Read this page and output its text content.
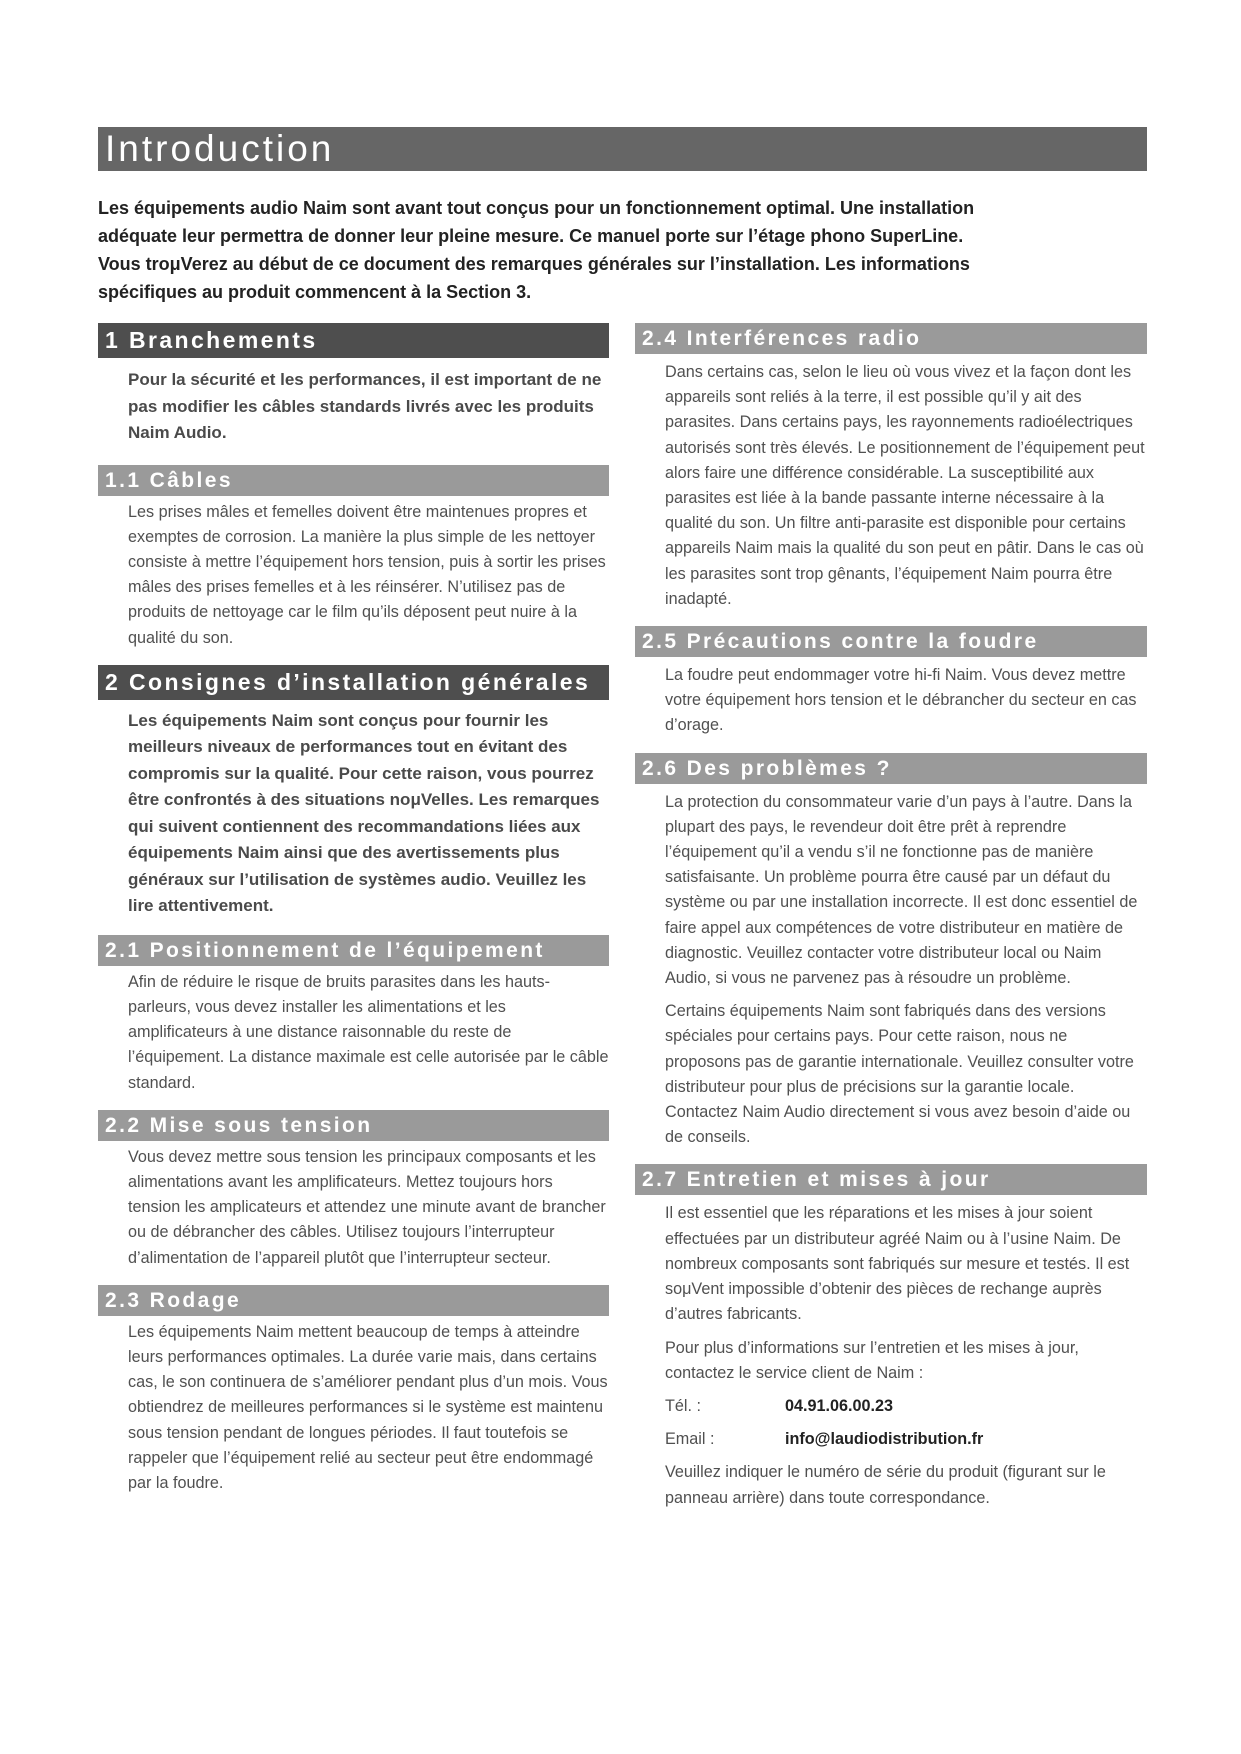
Introduction

Les équipements audio Naim sont avant tout conçus pour un fonctionnement optimal. Une installation adéquate leur permettra de donner leur pleine mesure. Ce manuel porte sur l’étage phono SuperLine. Vous troμVerez au début de ce document des remarques générales sur l’installation. Les informations spécifiques au produit commencent à la Section 3.

1 Branchements

Pour la sécurité et les performances, il est important de ne pas modifier les câbles standards livrés avec les produits Naim Audio.

1.1 Câbles

Les prises mâles et femelles doivent être maintenues propres et exemptes de corrosion. La manière la plus simple de les nettoyer consiste à mettre l’équipement hors tension, puis à sortir les prises mâles des prises femelles et à les réinsérer. N’utilisez pas de produits de nettoyage car le film qu’ils déposent peut nuire à la qualité du son.

2 Consignes d’installation générales

Les équipements Naim sont conçus pour fournir les meilleurs niveaux de performances tout en évitant des compromis sur la qualité. Pour cette raison, vous pourrez être confrontés à des situations noμVelles. Les remarques qui suivent contiennent des recommandations liées aux équipements Naim ainsi que des avertissements plus généraux sur l’utilisation de systèmes audio. Veuillez les lire attentivement.

2.1 Positionnement de l’équipement

Afin de réduire le risque de bruits parasites dans les hauts-parleurs, vous devez installer les alimentations et les amplificateurs à une distance raisonnable du reste de l’équipement. La distance maximale est celle autorisée par le câble standard.

2.2 Mise sous tension

Vous devez mettre sous tension les principaux composants et les alimentations avant les amplificateurs. Mettez toujours hors tension les amplicateurs et attendez une minute avant de brancher ou de débrancher des câbles. Utilisez toujours l’interrupteur d’alimentation de l’appareil plutôt que l’interrupteur secteur.

2.3 Rodage

Les équipements Naim mettent beaucoup de temps à atteindre leurs performances optimales. La durée varie mais, dans certains cas, le son continuera de s’améliorer pendant plus d’un mois. Vous obtiendrez de meilleures performances si le système est maintenu sous tension pendant de longues périodes. Il faut toutefois se rappeler que l’équipement relié au secteur peut être endommagé par la foudre.

2.4 Interférences radio

Dans certains cas, selon le lieu où vous vivez et la façon dont les appareils sont reliés à la terre, il est possible qu’il y ait des parasites. Dans certains pays, les rayonnements radioélectriques autorisés sont très élevés. Le positionnement de l’équipement peut alors faire une différence considérable. La susceptibilité aux parasites est liée à la bande passante interne nécessaire à la qualité du son. Un filtre anti-parasite est disponible pour certains appareils Naim mais la qualité du son peut en pâtir. Dans le cas où les parasites sont trop gênants, l’équipement Naim pourra être inadapté.

2.5 Précautions contre la foudre

La foudre peut endommager votre hi-fi Naim. Vous devez mettre votre équipement hors tension et le débrancher du secteur en cas d’orage.

2.6 Des problèmes ?

La protection du consommateur varie d’un pays à l’autre. Dans la plupart des pays, le revendeur doit être prêt à reprendre l’équipement qu’il a vendu s’il ne fonctionne pas de manière satisfaisante. Un problème pourra être causé par un défaut du système ou par une installation incorrecte. Il est donc essentiel de faire appel aux compétences de votre distributeur en matière de diagnostic. Veuillez contacter votre distributeur local ou Naim Audio, si vous ne parvenez pas à résoudre un problème.

Certains équipements Naim sont fabriqués dans des versions spéciales pour certains pays. Pour cette raison, nous ne proposons pas de garantie internationale. Veuillez consulter votre distributeur pour plus de précisions sur la garantie locale. Contactez Naim Audio directement si vous avez besoin d’aide ou de conseils.

2.7 Entretien et mises à jour

Il est essentiel que les réparations et les mises à jour soient effectuées par un distributeur agréé Naim ou à l’usine Naim. De nombreux composants sont fabriqués sur mesure et testés. Il est soμVent impossible d’obtenir des pièces de rechange auprès d’autres fabricants.

Pour plus d’informations sur l’entretien et les mises à jour, contactez le service client de Naim :

Tél. :	04.91.06.00.23
Email :	info@laudiodistribution.fr

Veuillez indiquer le numéro de série du produit (figurant sur le panneau arrière) dans toute correspondance.
